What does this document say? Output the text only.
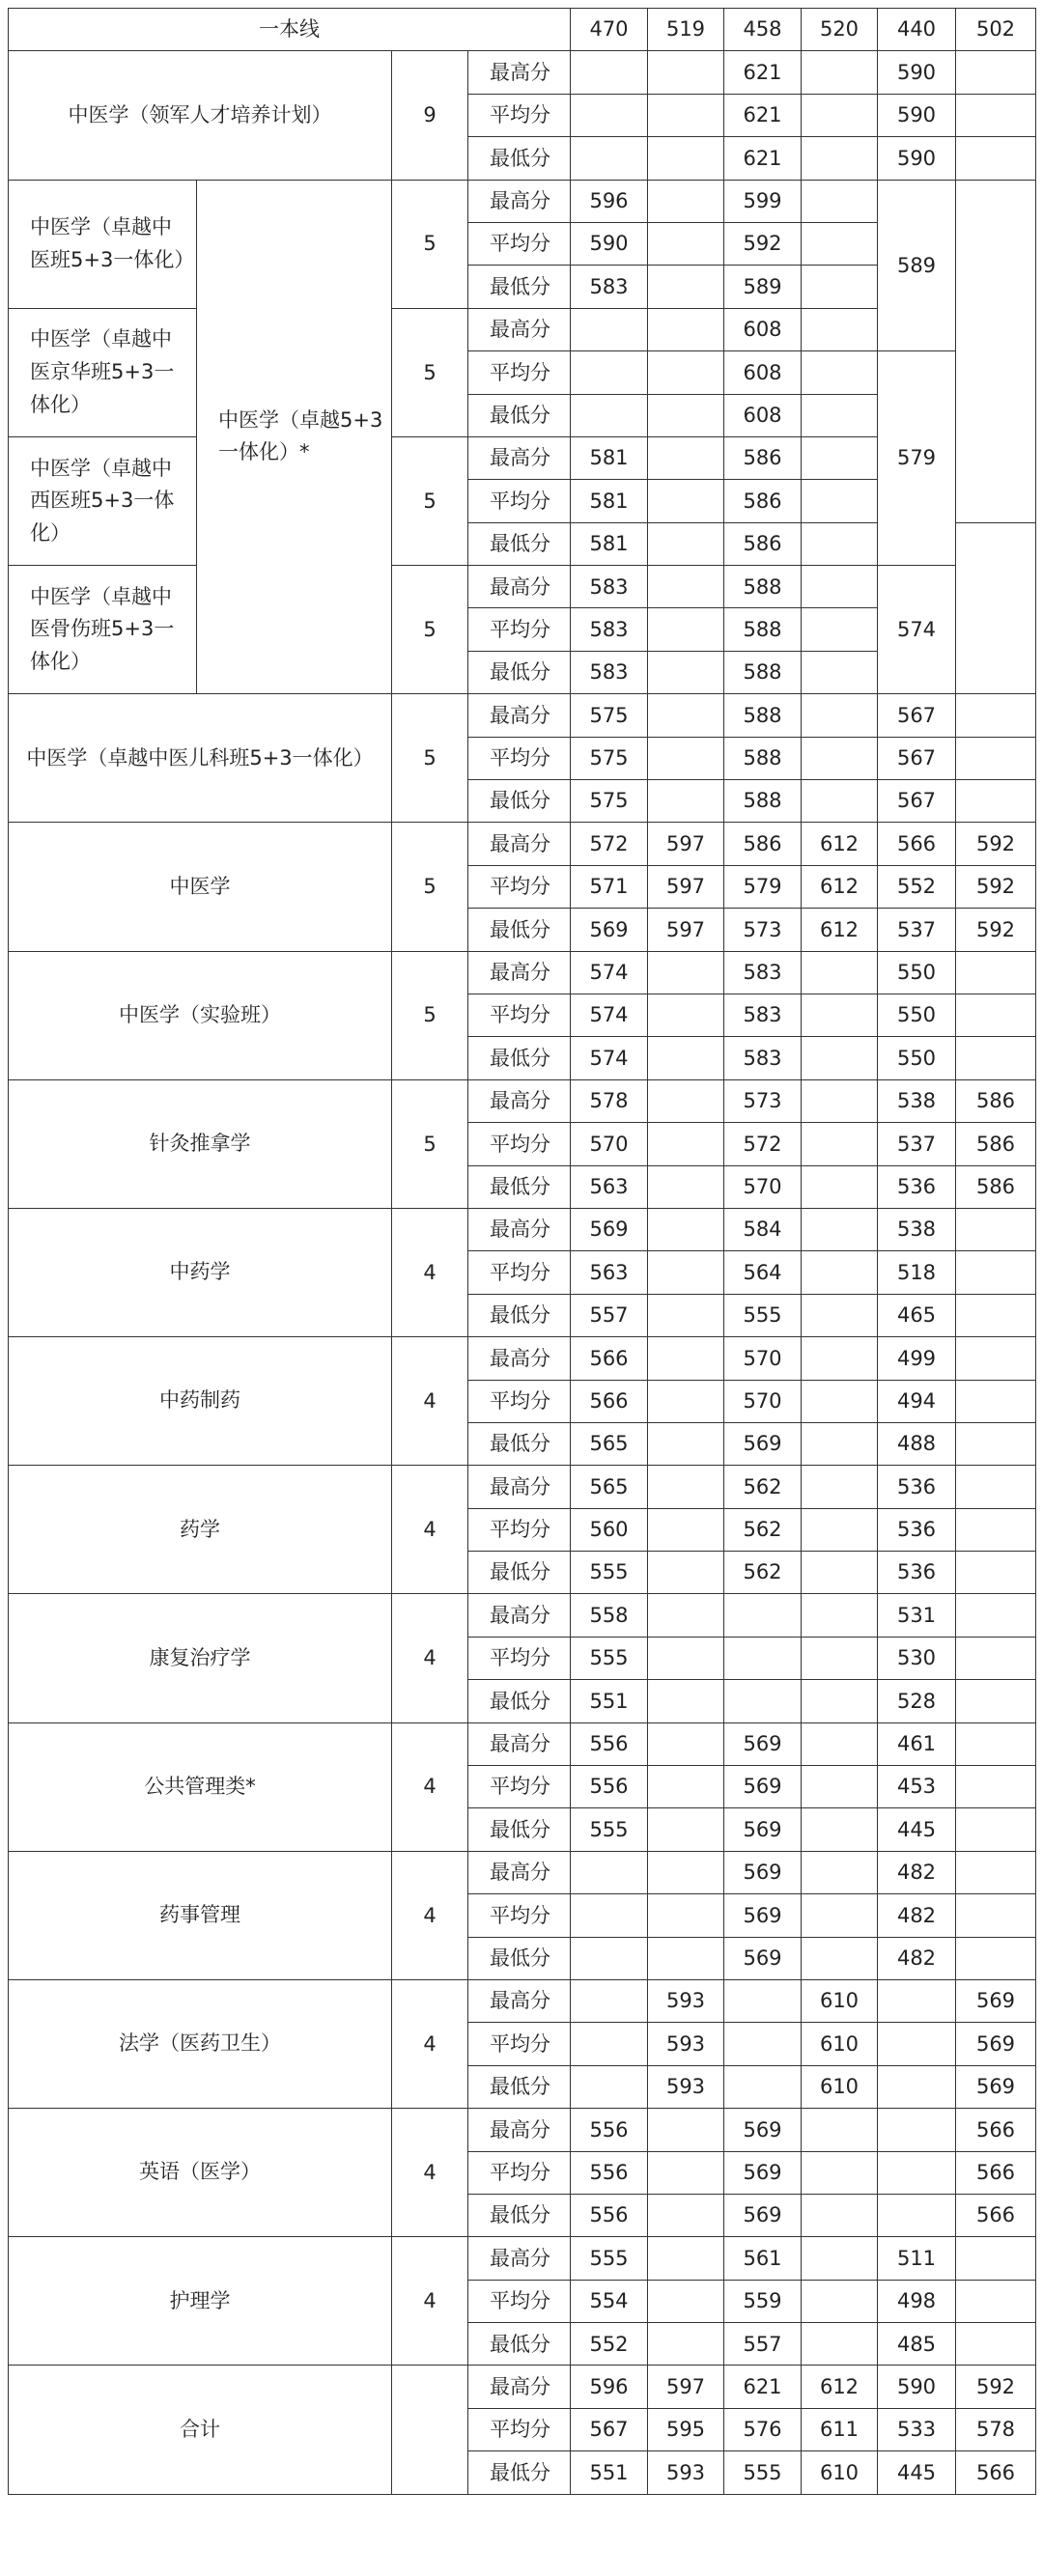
一本线				470	519	458	520	440	502
中医学（领军人才培养计划）		9	最高分			621		590	
			平均分			621		590	
			最低分			621		590	
中医学（卓越中医班5+3一体化）	中医学（卓越5+3一体化）*	5	最高分	596		599		589	
			平均分	590		592			
			最低分	583		589			
中医学（卓越中医京华班5+3一体化）		5	最高分			608			
			平均分			608		579	
			最低分			608			
中医学（卓越中西医班5+3一体化）		5	最高分	581		586			
			平均分	581		586			
			最低分	581		586			
中医学（卓越中医骨伤班5+3一体化）		5	最高分	583		588		574	
			平均分	583		588			
			最低分	583		588			
中医学（卓越中医儿科班5+3一体化）		5	最高分	575		588		567	
			平均分	575		588		567	
			最低分	575		588		567	
中医学		5	最高分	572	597	586	612	566	592
			平均分	571	597	579	612	552	592
			最低分	569	597	573	612	537	592
中医学（实验班）		5	最高分	574		583		550	
			平均分	574		583		550	
			最低分	574		583		550	
针灸推拿学		5	最高分	578		573		538	586
			平均分	570		572		537	586
			最低分	563		570		536	586
中药学		4	最高分	569		584		538	
			平均分	563		564		518	
			最低分	557		555		465	
中药制药		4	最高分	566		570		499	
			平均分	566		570		494	
			最低分	565		569		488	
药学		4	最高分	565		562		536	
			平均分	560		562		536	
			最低分	555		562		536	
康复治疗学		4	最高分	558				531	
			平均分	555				530	
			最低分	551				528	
公共管理类*		4	最高分	556		569		461	
			平均分	556		569		453	
			最低分	555		569		445	
药事管理		4	最高分			569		482	
			平均分			569		482	
			最低分			569		482	
法学（医药卫生）		4	最高分		593		610		569
			平均分		593		610		569
			最低分		593		610		569
英语（医学）		4	最高分	556		569			566
			平均分	556		569			566
			最低分	556		569			566
护理学		4	最高分	555		561		511	
			平均分	554		559		498	
			最低分	552		557		485	
合计			最高分	596	597	621	612	590	592
			平均分	567	595	576	611	533	578
			最低分	551	593	555	610	445	566
